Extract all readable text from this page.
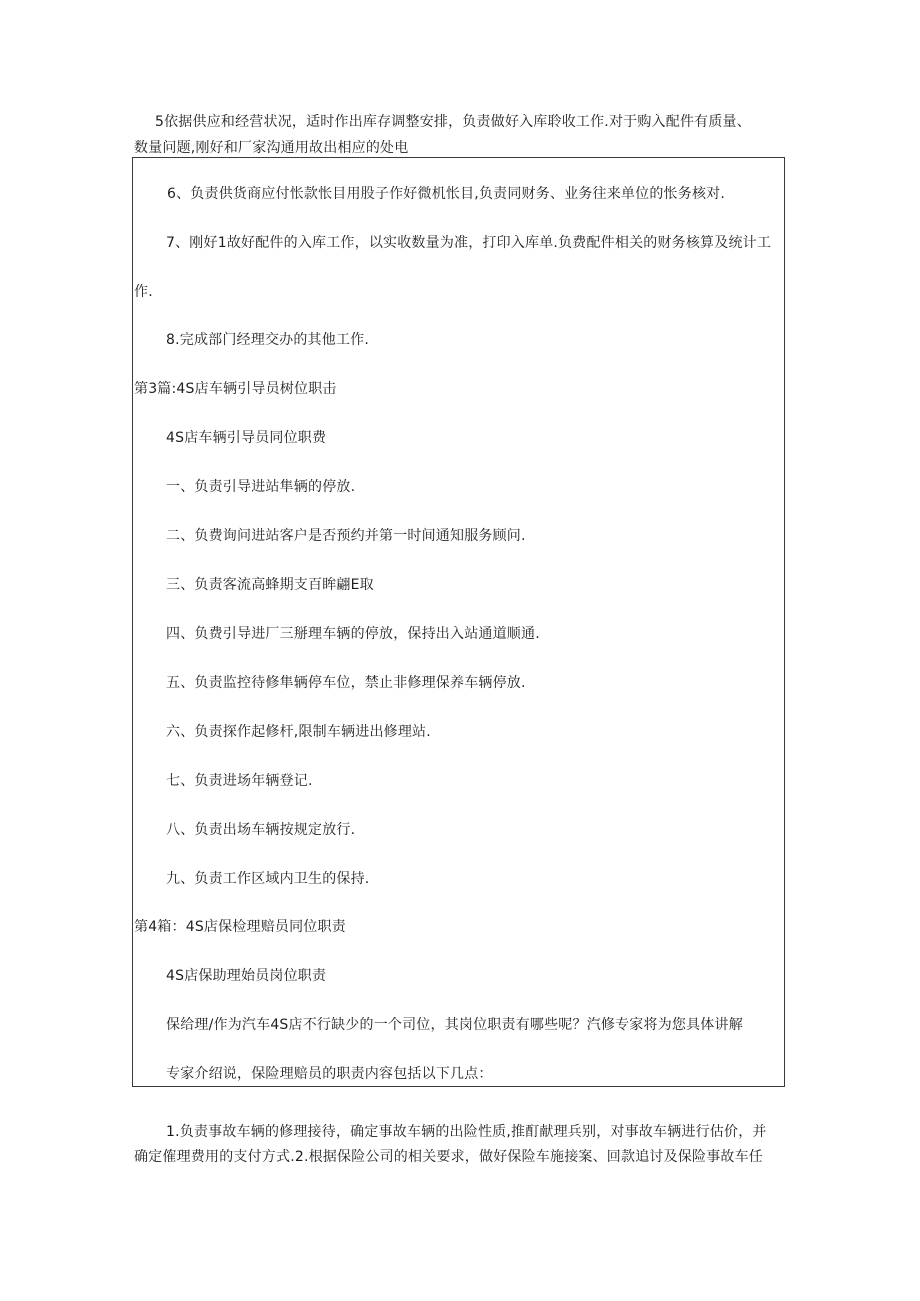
5依据供应和经营状况，适时作出库存调整安排，负责做好入库聆收工作.对于购入配件有质量、
数量问题,刚好和厂家沟通用故出相应的处电
6、负责供货商应付怅款怅目用股子作好微机怅目,负责同财务、业务往来单位的怅务核对.
7、刚好1故好配件的入库工作，以实收数量为准，打印入库单.负费配件相关的财务核算及统计工
作.
8.完成部门经理交办的其他工作.
第3篇:4S店车辆引导员树位职击
4S店车辆引导员同位职费
一、负责引导进站隼辆的停放.
二、负费询问进站客户是否预约并第一时间通知服务顾问.
三、负责客流高蜂期支百眸翩E取
四、负费引导进厂三掰理车辆的停放，保持出入站通道顺通.
五、负责监控待修隼辆停车位，禁止非修理保养车辆停放.
六、负责探作起修杆,限制车辆进出修理站.
七、负责进场年辆登记.
八、负责出场车辆按规定放行.
九、负责工作区域内卫生的保持.
第4箱：4S店保检理赔员同位职责
4S店保助理始员岗位职责
保给理/作为汽车4S店不行缺少的一个司位，其岗位职责有哪些呢？汽修专家将为您具体讲解
专家介绍说，保险理赔员的职责内容包括以下几点：
1.负责事故车辆的修理接待，确定事故车辆的出险性质,推酊献理兵别，对事故车辆进行估价，并
确定傕理费用的支付方式.2.根据保险公司的相关要求，做好保险车施接案、回款追讨及保险事故车任
